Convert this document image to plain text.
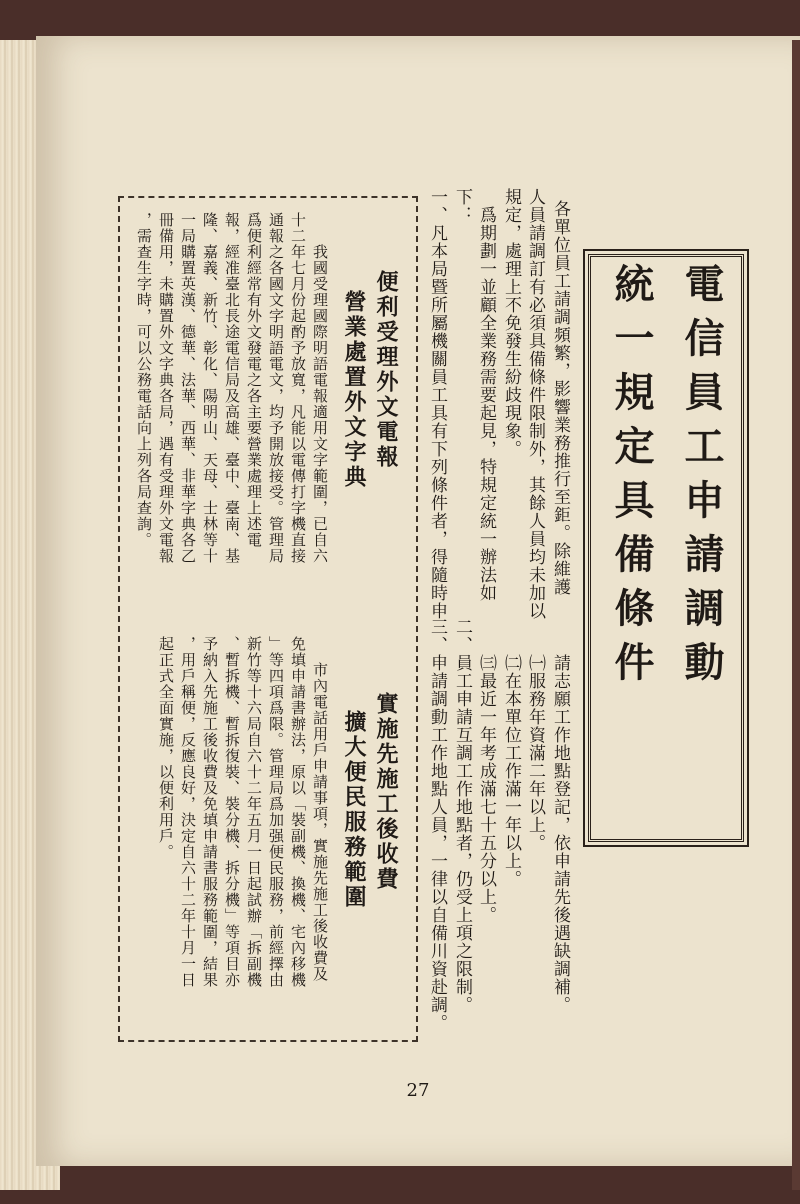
電信員工申請調動
統一規定具備條件
各單位員工請調頻繁，影響業務推行至鉅。除維護
人員請調訂有必須具備條件限制外，其餘人員均未加以
規定，處理上不免發生紛歧現象。
　爲期劃一並顧全業務需要起見，特規定統一辦法如
下：
一、凡本局暨所屬機關員工具有下列條件者，得隨時申
　　請志願工作地點登記，依申請先後遇缺調補。
　　㈠服務年資滿二年以上。
　　㈡在本單位工作滿一年以上。
　　㈢最近一年考成滿七十五分以上。
二、員工申請互調工作地點者，仍受上項之限制。
三、申請調動工作地點人員，一律以自備川資赴調。
便利受理外文電報
營業處置外文字典
　我國受理國際明語電報適用文字範圍，已自六
十二年七月份起酌予放寬，凡能以電傳打字機直接
通報之各國文字明語電文，均予開放接受。管理局
爲便利經常有外文發電之各主要營業處理上述電
報，經准臺北長途電信局及高雄、臺中、臺南、基
隆、嘉義、新竹、彰化、陽明山、天母、士林等十
一局購置英漢、德華、法華、西華、非華字典各乙
冊備用，未購置外文字典各局，遇有受理外文電報
，需查生字時，可以公務電話向上列各局查詢。
實施先施工後收費
擴大便民服務範圍
　市內電話用戶申請事項，實施先施工後收費及
免填申請書辦法，原以「裝副機、換機、宅內移機
」等四項爲限。管理局爲加强便民服務，前經擇由
新竹等十六局自六十二年五月一日起試辦「拆副機
、暫拆機、暫拆復裝、裝分機、拆分機」等項目亦
予納入先施工後收費及免填申請書服務範圍，結果
，用戶稱便，反應良好，決定自六十二年十月一日
起正式全面實施，以便利用戶。
27
